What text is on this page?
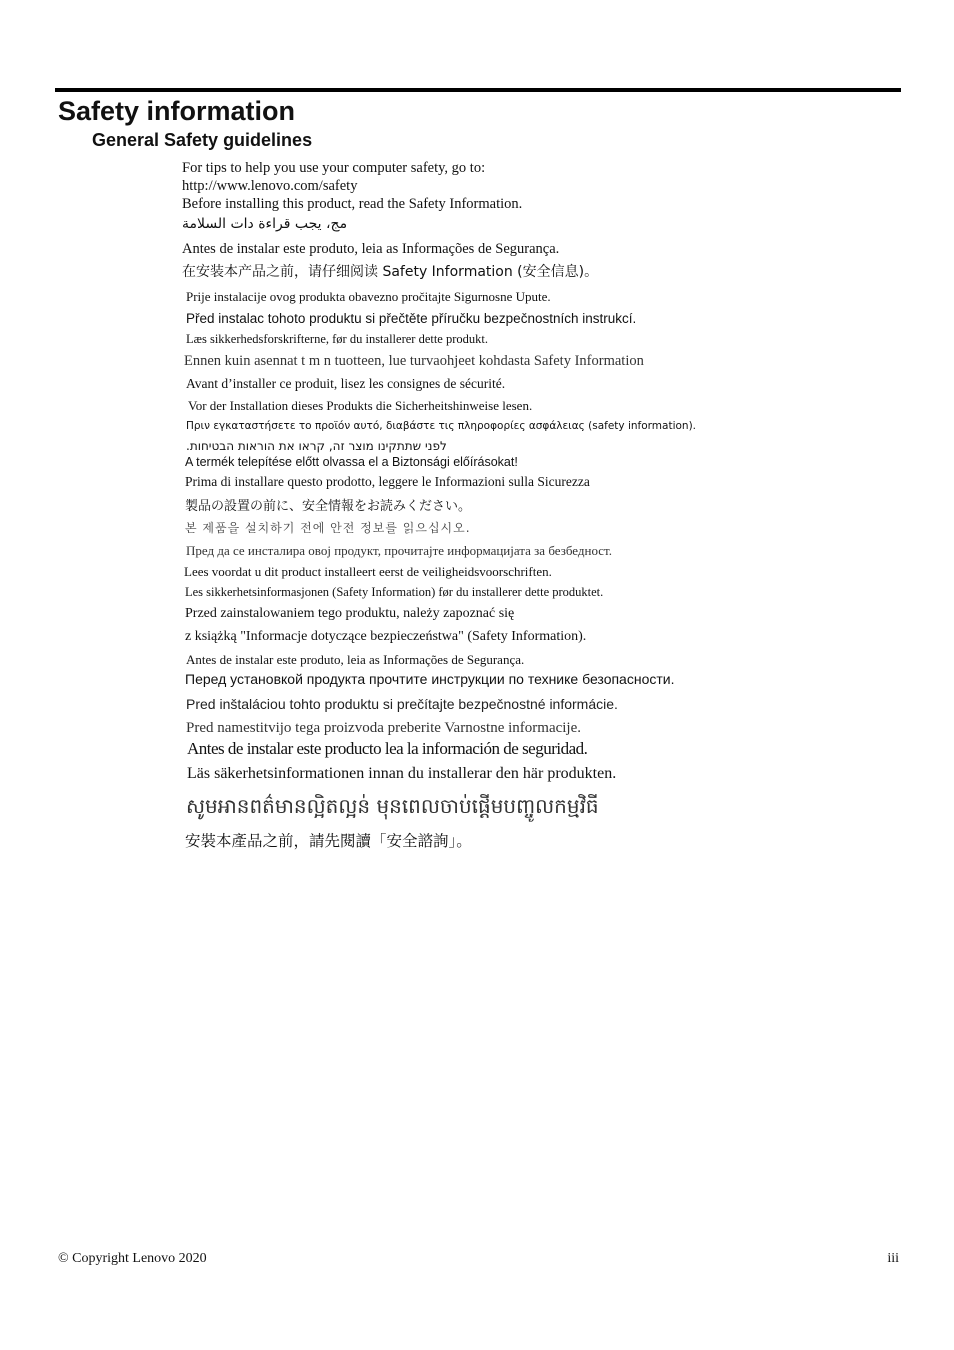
Safety information
General Safety guidelines
For tips to help you use your computer safety, go to:
http://www.lenovo.com/safety
Before installing this product, read the Safety Information.
مج، يجب قراءة دات السلامة
Antes de instalar este produto, leia as Informações de Segurança.
在安装本产品之前，请仔细阅读 Safety Information (安全信息)。
Prije instalacije ovog produkta obavezno pročitajte Sigurnosne Upute.
Před instalac tohoto produktu si přečtěte příručku bezpečnostních instrukcí.
Læs sikkerhedsforskrifterne, før du installerer dette produkt.
Ennen kuin asennat t m n tuotteen, lue turvaohjeet kohdasta Safety Information
Avant d’installer ce produit, lisez les consignes de sécurité.
Vor der Installation dieses Produkts die Sicherheitshinweise lesen.
Πριν εγκαταστήσετε το προϊόν αυτό, διαβάστε τις πληροφορίες ασφάλειας (safety information).
לפני שתתקינו מוצר זה, קראו את הוראות הבטיחות.
A termék telepítése előtt olvassa el a Biztonsági előírásokat!
Prima di installare questo prodotto, leggere le Informazioni sulla Sicurezza
製品の設置の前に、安全情報をお読みください。
본 제품을 설치하기 전에 안전 정보를 읽으십시오.
Пред да се инсталира овој продукт, прочитајте информацијата за безбедност.
Lees voordat u dit product installeert eerst de veiligheidsvoorschriften.
Les sikkerhetsinformasjonen (Safety Information) før du installerer dette produktet.
Przed zainstalowaniem tego produktu, należy zapoznać się
z książką "Informacje dotyczące bezpieczeństwa" (Safety Information).
Antes de instalar este produto, leia as Informações de Segurança.
Перед установкой продукта прочтите инструкции по технике безопасности.
Pred inštaláciou tohto produktu si prečítajte bezpečnostné informácie.
Pred namestitvijo tega proizvoda preberite Varnostne informacije.
Antes de instalar este producto lea la información de seguridad.
Läs säkerhetsinformationen innan du installerar den här produkten.
សូមអានពត៌មានល្អិតល្អន់ មុនពេលចាប់ផ្តើមបញ្ចូលកម្មវិធី
安裝本產品之前，請先閱讀「安全諮詢」。
© Copyright Lenovo 2020	iii
